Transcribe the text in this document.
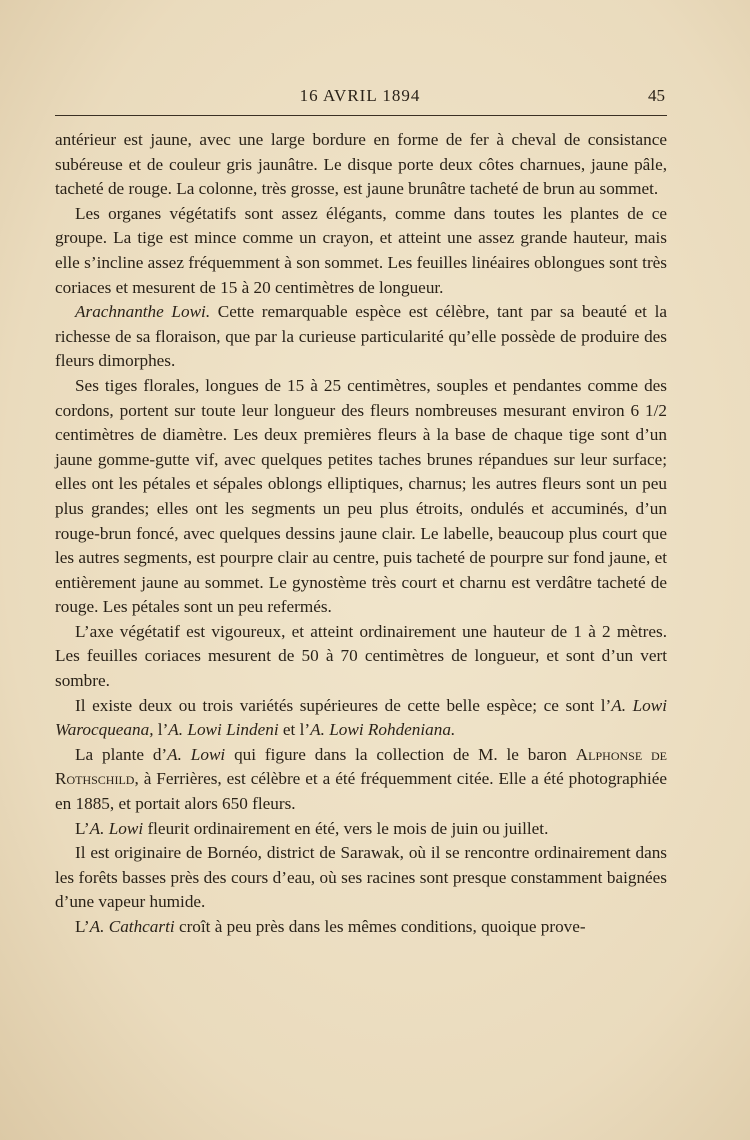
16 AVRIL 1894	45

antérieur est jaune, avec une large bordure en forme de fer à cheval de consistance subéreuse et de couleur gris jaunâtre. Le disque porte deux côtes charnues, jaune pâle, tacheté de rouge. La colonne, très grosse, est jaune brunâtre tacheté de brun au sommet.

Les organes végétatifs sont assez élégants, comme dans toutes les plantes de ce groupe. La tige est mince comme un crayon, et atteint une assez grande hauteur, mais elle s’incline assez fréquemment à son sommet. Les feuilles linéaires oblongues sont très coriaces et mesurent de 15 à 20 centimètres de longueur.

Arachnanthe Lowi. Cette remarquable espèce est célèbre, tant par sa beauté et la richesse de sa floraison, que par la curieuse particularité qu’elle possède de produire des fleurs dimorphes.

Ses tiges florales, longues de 15 à 25 centimètres, souples et pendantes comme des cordons, portent sur toute leur longueur des fleurs nombreuses mesurant environ 6 1/2 centimètres de diamètre. Les deux premières fleurs à la base de chaque tige sont d’un jaune gomme-gutte vif, avec quelques petites taches brunes répandues sur leur surface; elles ont les pétales et sépales oblongs elliptiques, charnus; les autres fleurs sont un peu plus grandes; elles ont les segments un peu plus étroits, ondulés et accuminés, d’un rouge-brun foncé, avec quelques dessins jaune clair. Le labelle, beaucoup plus court que les autres segments, est pourpre clair au centre, puis tacheté de pourpre sur fond jaune, et entièrement jaune au sommet. Le gynostème très court et charnu est verdâtre tacheté de rouge. Les pétales sont un peu refermés.

L’axe végétatif est vigoureux, et atteint ordinairement une hauteur de 1 à 2 mètres. Les feuilles coriaces mesurent de 50 à 70 centimètres de longueur, et sont d’un vert sombre.

Il existe deux ou trois variétés supérieures de cette belle espèce; ce sont l’A. Lowi Warocqueana, l’A. Lowi Lindeni et l’A. Lowi Rohdeniana.

La plante d’A. Lowi qui figure dans la collection de M. le baron Alphonse de Rothschild, à Ferrières, est célèbre et a été fréquemment citée. Elle a été photographiée en 1885, et portait alors 650 fleurs.

L’A. Lowi fleurit ordinairement en été, vers le mois de juin ou juillet.

Il est originaire de Bornéo, district de Sarawak, où il se rencontre ordinairement dans les forêts basses près des cours d’eau, où ses racines sont presque constamment baignées d’une vapeur humide.

L’A. Cathcarti croît à peu près dans les mêmes conditions, quoique prove-
